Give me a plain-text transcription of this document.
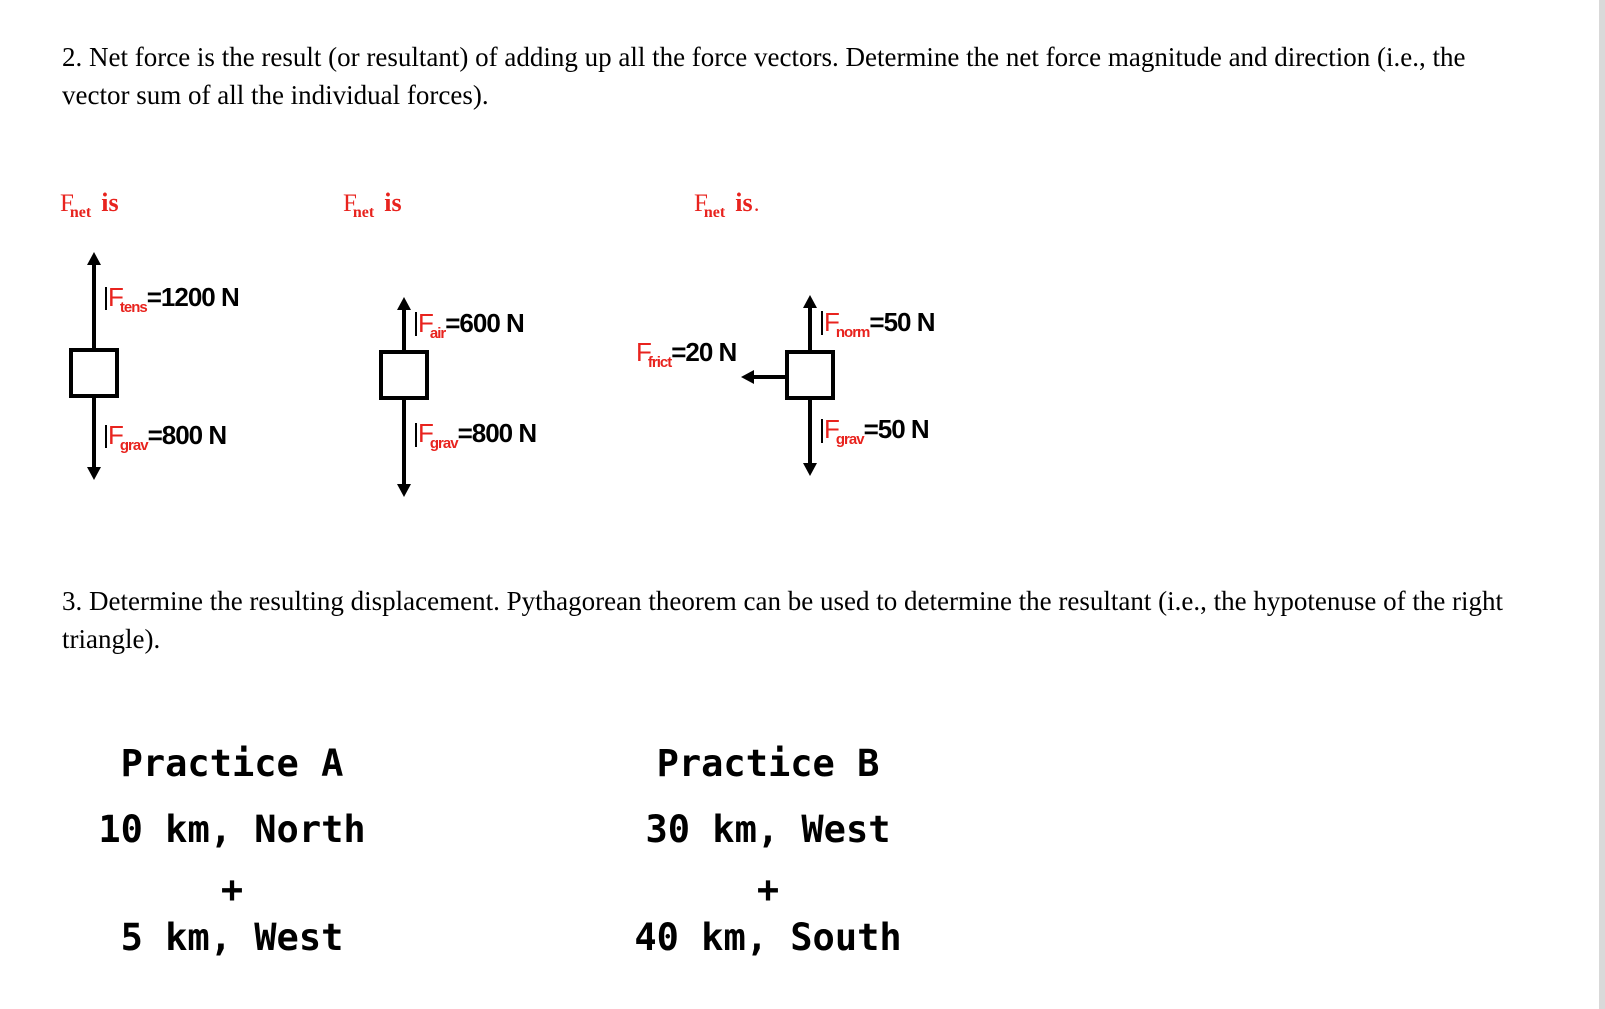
2. Net force is the result (or resultant) of adding up all the force vectors. Determine the net force magnitude and direction (i.e., the vector sum of all the individual forces).

$F_{net}$ is	$F_{net}$ is	$F_{net}$ is .
$F_{tens}=1200$ N
$F_{grav}=800$ N
$F_{air}=600$ N
$F_{grav}=800$ N
$F_{frict}=20$ N
$F_{norm}=50$ N
$F_{grav}=50$ N

3. Determine the resulting displacement. Pythagorean theorem can be used to determine the resultant (i.e., the hypotenuse of the right triangle).

Practice A
10 km, North
+
5 km, West
Practice B
30 km, West
+
40 km, South
